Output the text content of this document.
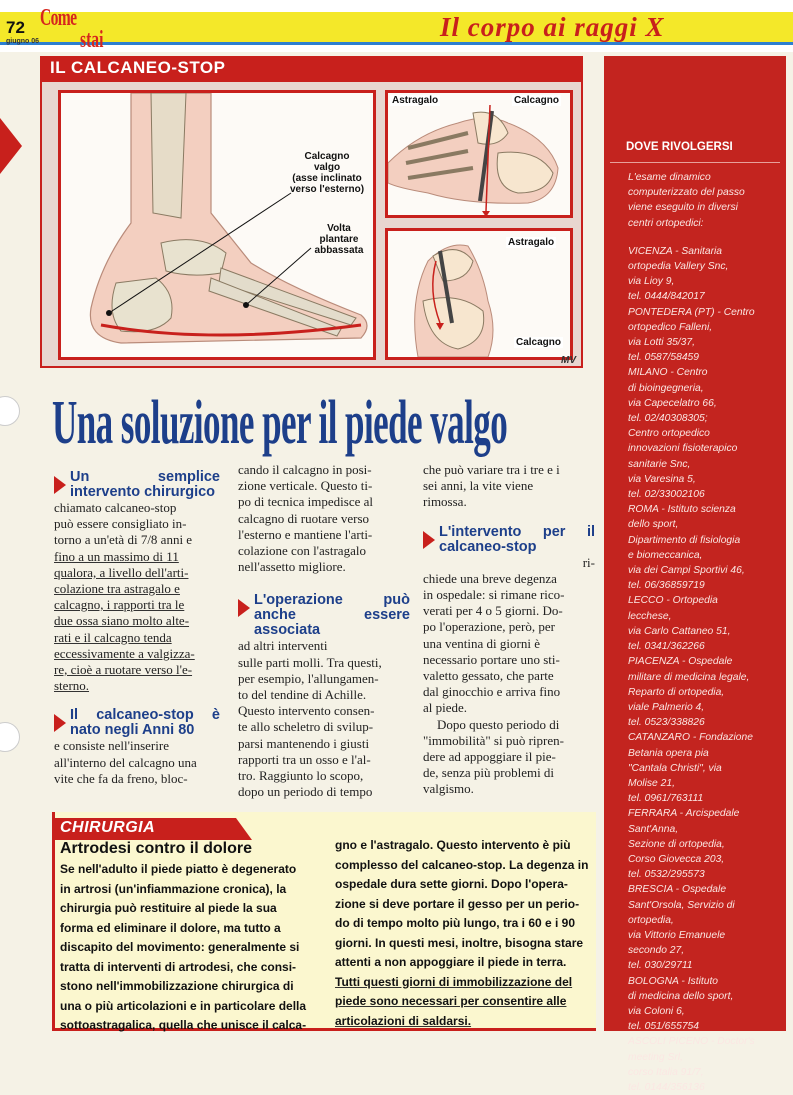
72
giugno 06
Come
stai	Il corpo ai raggi X
IL CALCANEO-STOP
Calcagno
valgo
(asse inclinato
verso l'esterno)
Volta
plantare
abbassata
Astragalo	Calcagno
Astragalo
Calcagno
MV
Una soluzione per il piede valgo
Un semplice intervento chirurgico
chiamato calcaneo-stop
può essere consigliato in-
torno a un'età di 7/8 anni e
fino a un massimo di 11
qualora, a livello dell'arti-
colazione tra astragalo e
calcagno, i rapporti tra le
due ossa siano molto alte-
rati e il calcagno tenda
eccessivamente a valgizza-
re, cioè a ruotare verso l'e-
sterno.
Il calcaneo-stop è nato negli Anni 80
e consiste nell'inserire
all'interno del calcagno una
vite che fa da freno, bloc-
cando il calcagno in posi-
zione verticale. Questo ti-
po di tecnica impedisce al
calcagno di ruotare verso
l'esterno e mantiene l'arti-
colazione con l'astragalo
nell'assetto migliore.
L'operazione può anche essere associata
ad altri interventi
sulle parti molli. Tra questi,
per esempio, l'allungamen-
to del tendine di Achille.
Questo intervento consen-
te allo scheletro di svilup-
parsi mantenendo i giusti
rapporti tra un osso e l'al-
tro. Raggiunto lo scopo,
dopo un periodo di tempo
che può variare tra i tre e i
sei anni, la vite viene
rimossa.
L'intervento per il calcaneo-stop
ri-
chiede una breve degenza
in ospedale: si rimane rico-
verati per 4 o 5 giorni. Do-
po l'operazione, però, per
una ventina di giorni è
necessario portare uno sti-
valetto gessato, che parte
dal ginocchio e arriva fino
al piede.
Dopo questo periodo di
"immobilità" si può ripren-
dere ad appoggiare il pie-
de, senza più problemi di
valgismo.
CHIRURGIA
Artrodesi contro il dolore
Se nell'adulto il piede piatto è degenerato
in artrosi (un'infiammazione cronica), la
chirurgia può restituire al piede la sua
forma ed eliminare il dolore, ma tutto a
discapito del movimento: generalmente si
tratta di interventi di artrodesi, che consi-
stono nell'immobilizzazione chirurgica di
una o più articolazioni e in particolare della
sottoastragalica, quella che unisce il calca-
gno e l'astragalo. Questo intervento è più
complesso del calcaneo-stop. La degenza in
ospedale dura sette giorni. Dopo l'opera-
zione si deve portare il gesso per un perio-
do di tempo molto più lungo, tra i 60 e i 90
giorni. In questi mesi, inoltre, bisogna stare
attenti a non appoggiare il piede in terra.
Tutti questi giorni di immobilizzazione del
piede sono necessari per consentire alle
articolazioni di saldarsi.
DOVE RIVOLGERSI
L'esame dinamico
computerizzato del passo
viene eseguito in diversi
centri ortopedici:
VICENZA - Sanitaria
ortopedia Vallery Snc,
via Lioy 9,
tel. 0444/842017
PONTEDERA (PT) - Centro
ortopedico Falleni,
via Lotti 35/37,
tel. 0587/58459
MILANO - Centro
di bioingegneria,
via Capecelatro 66,
tel. 02/40308305;
Centro ortopedico
innovazioni fisioterapico
sanitarie Snc,
via Varesina 5,
tel. 02/33002106
ROMA - Istituto scienza
dello sport,
Dipartimento di fisiologia
e biomeccanica,
via dei Campi Sportivi 46,
tel. 06/36859719
LECCO - Ortopedia
lecchese,
via Carlo Cattaneo 51,
tel. 0341/362266
PIACENZA - Ospedale
militare di medicina legale,
Reparto di ortopedia,
viale Palmerio 4,
tel. 0523/338826
CATANZARO - Fondazione
Betania opera pia
"Cantala Christi", via
Molise 21,
tel. 0961/763111
FERRARA - Arcispedale
Sant'Anna,
Sezione di ortopedia,
Corso Giovecca 203,
tel. 0532/295573
BRESCIA - Ospedale
Sant'Orsola, Servizio di
ortopedia,
via Vittorio Emanuele
secondo 27,
tel. 030/29711
BOLOGNA - Istituto
di medicina dello sport,
via Coloni 6,
tel. 051/655754
ASCOLI PICENO - Doctor's
meeting Srl,
corso Italia 91/7,
tel. 0144/356136
